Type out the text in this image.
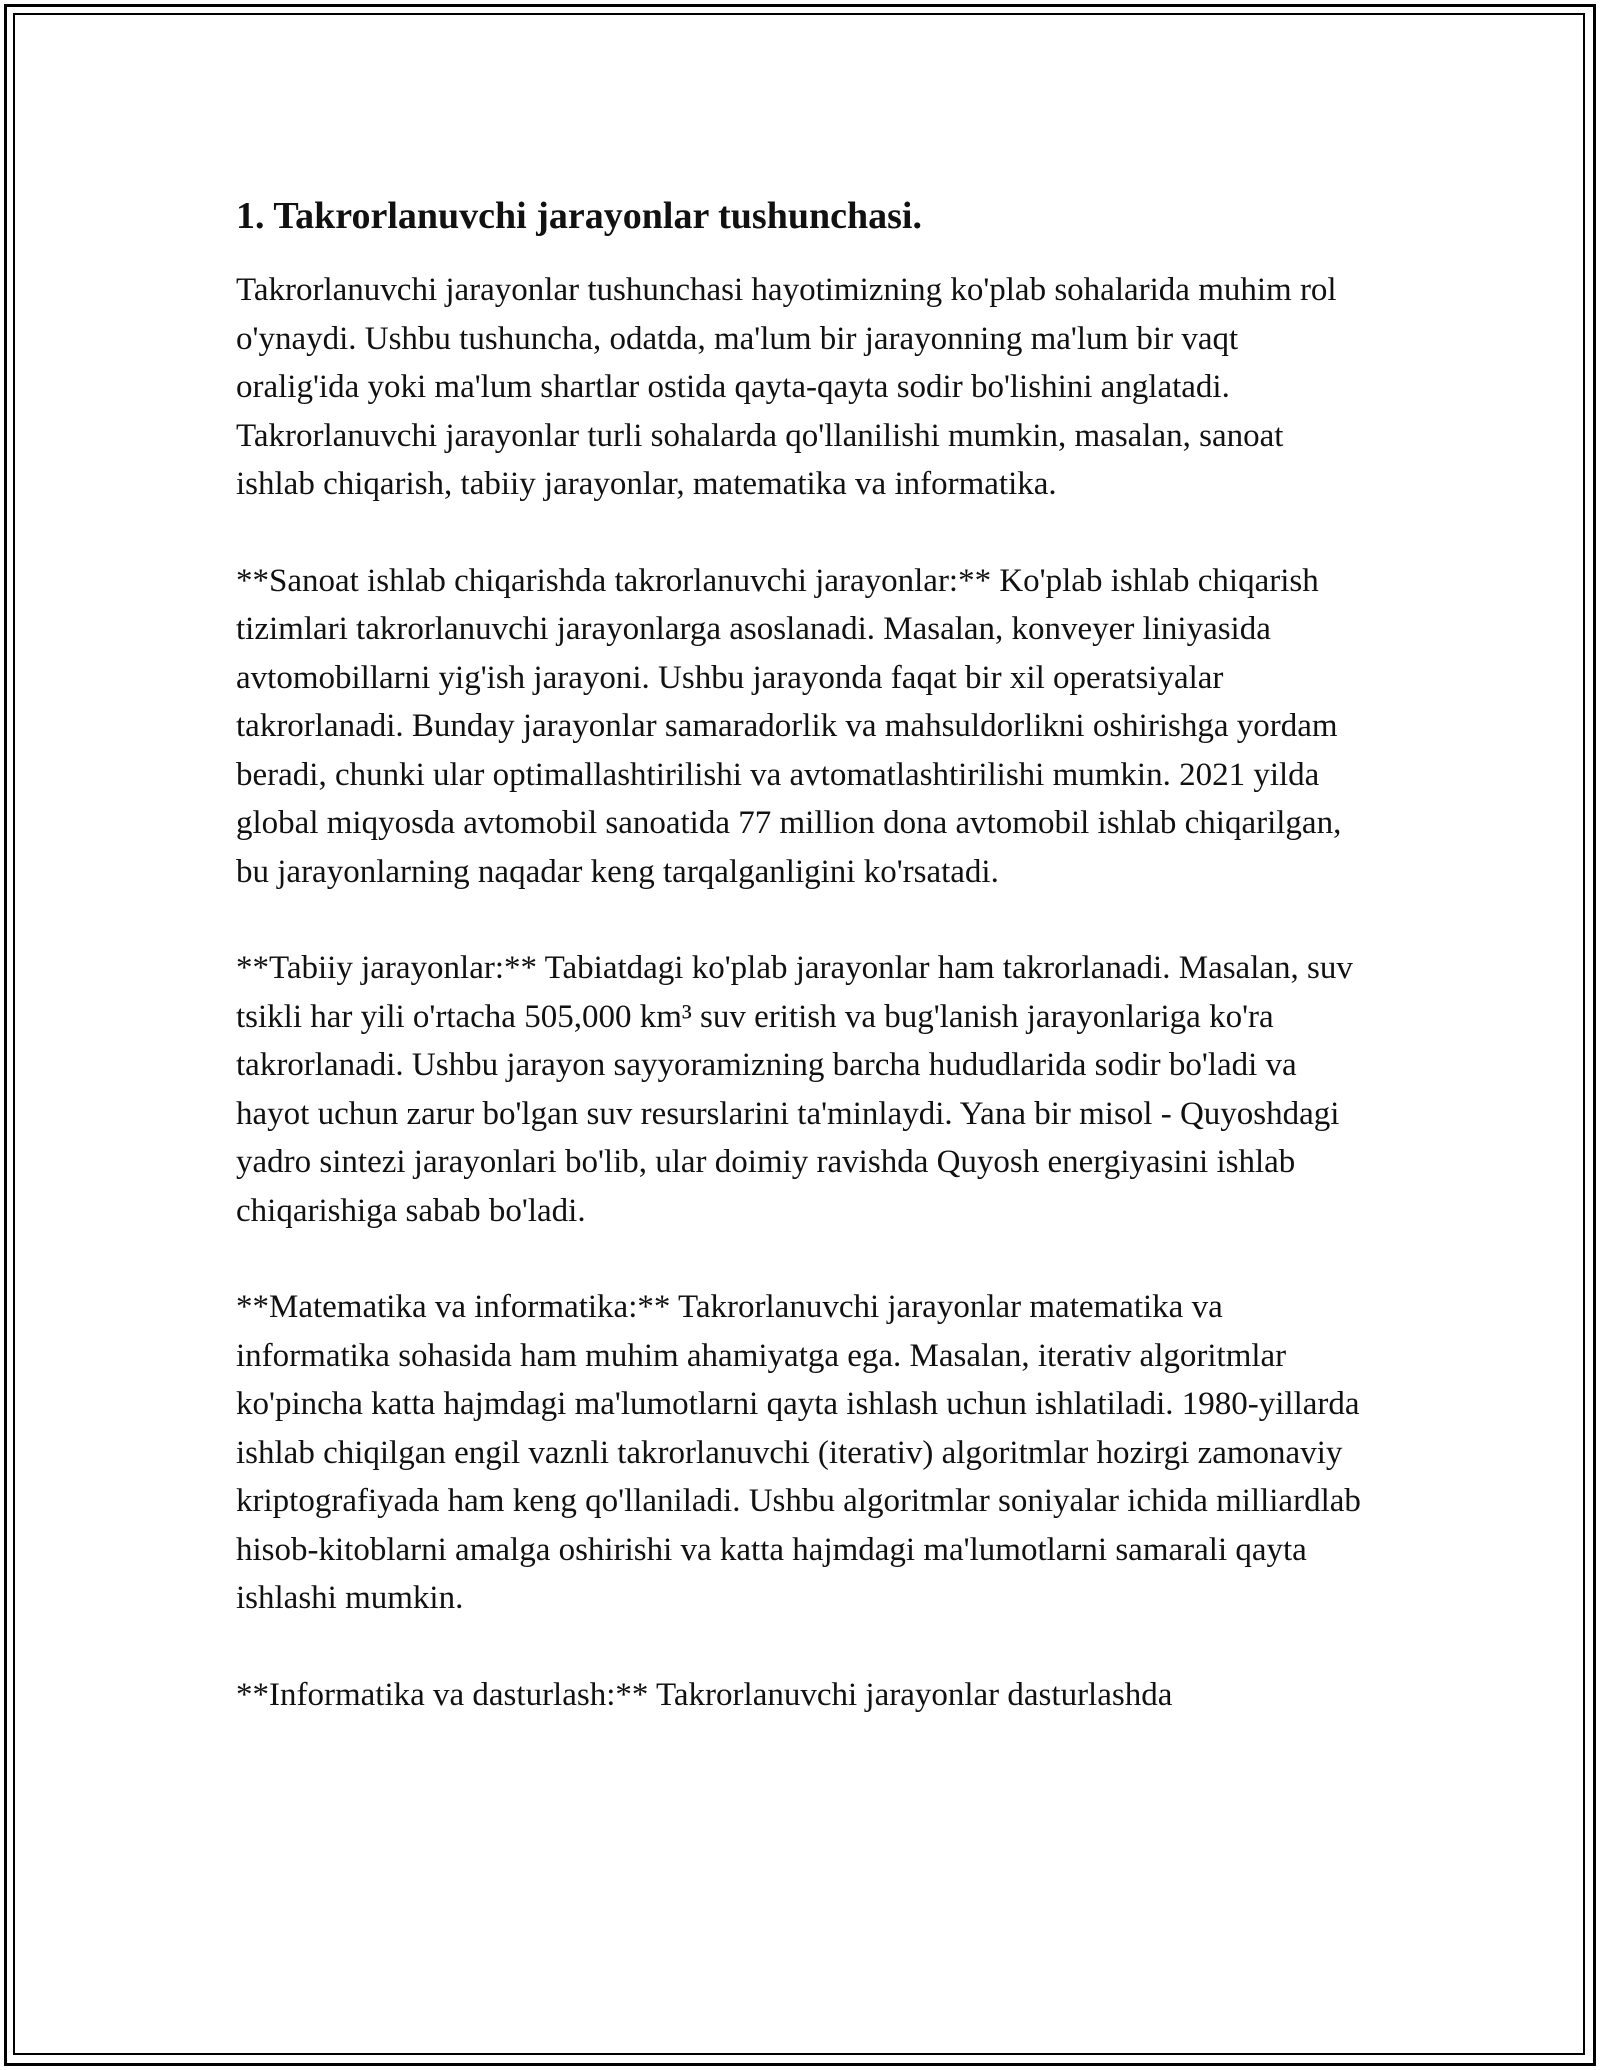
1. Takrorlanuvchi jarayonlar tushunchasi.

Takrorlanuvchi jarayonlar tushunchasi hayotimizning ko'plab sohalarida muhim rol o'ynaydi. Ushbu tushuncha, odatda, ma'lum bir jarayonning ma'lum bir vaqt oralig'ida yoki ma'lum shartlar ostida qayta-qayta sodir bo'lishini anglatadi. Takrorlanuvchi jarayonlar turli sohalarda qo'llanilishi mumkin, masalan, sanoat ishlab chiqarish, tabiiy jarayonlar, matematika va informatika.

**Sanoat ishlab chiqarishda takrorlanuvchi jarayonlar:** Ko'plab ishlab chiqarish tizimlari takrorlanuvchi jarayonlarga asoslanadi. Masalan, konveyer liniyasida avtomobillarni yig'ish jarayoni. Ushbu jarayonda faqat bir xil operatsiyalar takrorlanadi. Bunday jarayonlar samaradorlik va mahsuldorlikni oshirishga yordam beradi, chunki ular optimallashtirilishi va avtomatlashtirilishi mumkin. 2021 yilda global miqyosda avtomobil sanoatida 77 million dona avtomobil ishlab chiqarilgan, bu jarayonlarning naqadar keng tarqalganligini ko'rsatadi.

**Tabiiy jarayonlar:** Tabiatdagi ko'plab jarayonlar ham takrorlanadi. Masalan, suv tsikli har yili o'rtacha 505,000 km³ suv eritish va bug'lanish jarayonlariga ko'ra takrorlanadi. Ushbu jarayon sayyoramizning barcha hududlarida sodir bo'ladi va hayot uchun zarur bo'lgan suv resurslarini ta'minlaydi. Yana bir misol - Quyoshdagi yadro sintezi jarayonlari bo'lib, ular doimiy ravishda Quyosh energiyasini ishlab chiqarishiga sabab bo'ladi.

**Matematika va informatika:** Takrorlanuvchi jarayonlar matematika va informatika sohasida ham muhim ahamiyatga ega. Masalan, iterativ algoritmlar ko'pincha katta hajmdagi ma'lumotlarni qayta ishlash uchun ishlatiladi. 1980-yillarda ishlab chiqilgan engil vaznli takrorlanuvchi (iterativ) algoritmlar hozirgi zamonaviy kriptografiyada ham keng qo'llaniladi. Ushbu algoritmlar soniyalar ichida milliardlab hisob-kitoblarni amalga oshirishi va katta hajmdagi ma'lumotlarni samarali qayta ishlashi mumkin.

**Informatika va dasturlash:** Takrorlanuvchi jarayonlar dasturlashda
